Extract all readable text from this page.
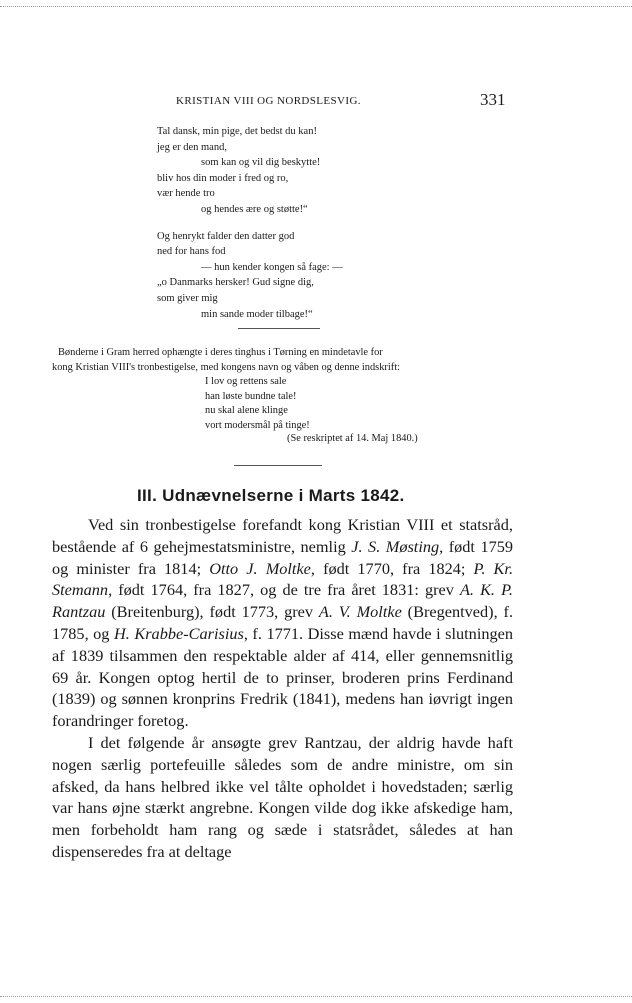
KRISTIAN VIII OG NORDSLESVIG.	331
Tal dansk, min pige, det bedst du kan!
jeg er den mand,
som kan og vil dig beskytte!
bliv hos din moder i fred og ro,
vær hende tro
og hendes ære og støtte!“
Og henrykt falder den datter god
ned for hans fod
— hun kender kongen så fage: —
„o Danmarks hersker! Gud signe dig,
som giver mig
min sande moder tilbage!“
Bønderne i Gram herred ophængte i deres tinghus i Tørning en mindetavle for
kong Kristian VIII's tronbestigelse, med kongens navn og våben og denne indskrift:
I lov og rettens sale
han løste bundne tale!
nu skal alene klinge
vort modersmål på tinge!
(Se reskriptet af 14. Maj 1840.)
III. Udnævnelserne i Marts 1842.

Ved sin tronbestigelse forefandt kong Kristian VIII et statsråd, bestående af 6 gehejmestatsministre, nemlig J. S. Møsting, født 1759 og minister fra 1814; Otto J. Moltke, født 1770, fra 1824; P. Kr. Stemann, født 1764, fra 1827, og de tre fra året 1831: grev A. K. P. Rantzau (Breitenburg), født 1773, grev A. V. Moltke (Bregentved), f. 1785, og H. Krabbe-Carisius, f. 1771. Disse mænd havde i slutningen af 1839 tilsammen den respektable alder af 414, eller gennemsnitlig 69 år. Kongen optog hertil de to prinser, broderen prins Ferdinand (1839) og sønnen kronprins Fredrik (1841), medens han iøvrigt ingen forandringer foretog.

I det følgende år ansøgte grev Rantzau, der aldrig havde haft nogen særlig portefeuille således som de andre ministre, om sin afsked, da hans helbred ikke vel tålte opholdet i hovedstaden; særlig var hans øjne stærkt angrebne. Kongen vilde dog ikke afskedige ham, men forbeholdt ham rang og sæde i statsrådet, således at han dispenseredes fra at deltage
